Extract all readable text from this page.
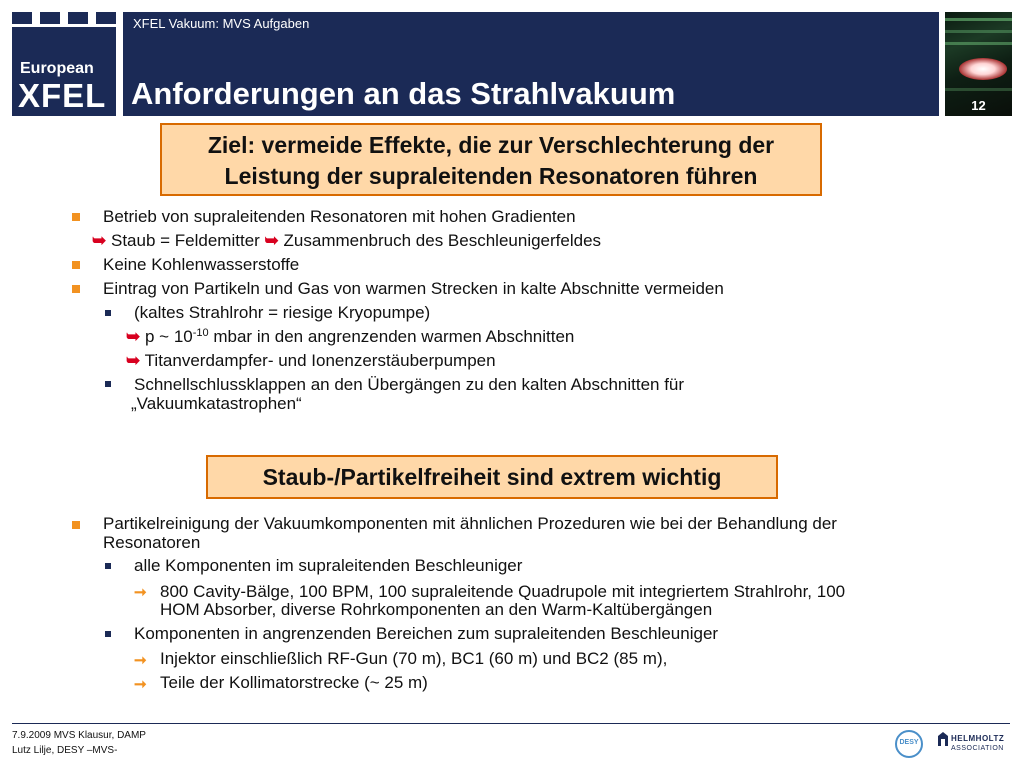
European
XFEL
XFEL Vakuum: MVS Aufgaben
Anforderungen an das Strahlvakuum	12
Ziel: vermeide Effekte, die zur Verschlechterung der
Leistung der supraleitenden Resonatoren führen
Betrieb von supraleitenden Resonatoren mit hohen Gradienten
➥ Staub = Feldemitter ➥ Zusammenbruch des Beschleunigerfeldes
Keine Kohlenwasserstoffe
Eintrag von Partikeln und Gas von warmen Strecken in kalte Abschnitte vermeiden
(kaltes Strahlrohr = riesige Kryopumpe)
➥ p ~ $10^{-10}$ mbar in den angrenzenden warmen Abschnitten
➥ Titanverdampfer- und Ionenzerstäuberpumpen
Schnellschlussklappen an den Übergängen zu den kalten Abschnitten für
„Vakuumkatastrophen“
Staub-/Partikelfreiheit sind extrem wichtig
Partikelreinigung der Vakuumkomponenten mit ähnlichen Prozeduren wie bei der Behandlung der
Resonatoren
alle Komponenten im supraleitenden Beschleuniger
➞ 800 Cavity-Bälge, 100 BPM, 100 supraleitende Quadrupole mit integriertem Strahlrohr, 100
HOM Absorber, diverse Rohrkomponenten an den Warm-Kaltübergängen
Komponenten in angrenzenden Bereichen zum supraleitenden Beschleuniger
➞ Injektor einschließlich RF-Gun (70 m), BC1 (60 m) und BC2 (85 m),
➞ Teile der Kollimatorstrecke (~ 25 m)
7.9.2009 MVS Klausur, DAMP
Lutz Lilje, DESY –MVS-
DESY	HELMHOLTZ
ASSOCIATION
